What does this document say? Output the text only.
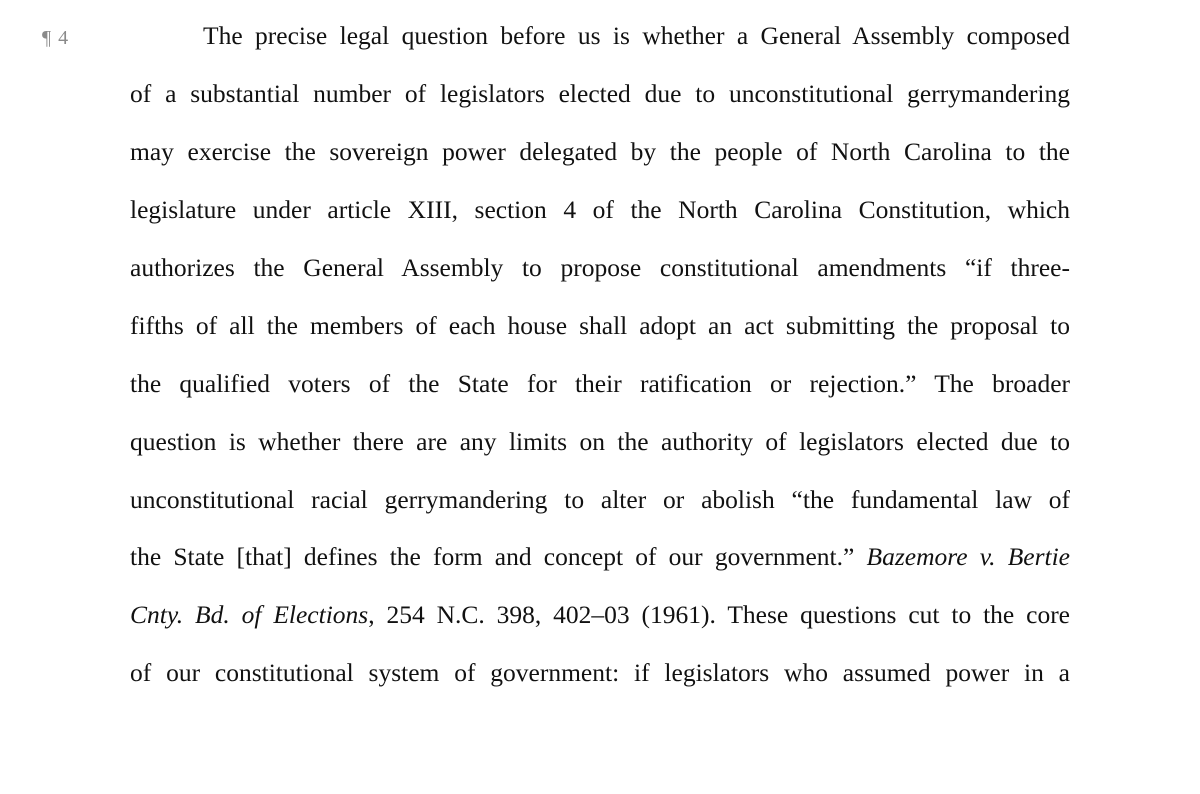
¶ 4	The precise legal question before us is whether a General Assembly composed
of a substantial number of legislators elected due to unconstitutional gerrymandering
may exercise the sovereign power delegated by the people of North Carolina to the
legislature under article XIII, section 4 of the North Carolina Constitution, which
authorizes the General Assembly to propose constitutional amendments “if three-
fifths of all the members of each house shall adopt an act submitting the proposal to
the qualified voters of the State for their ratification or rejection.” The broader
question is whether there are any limits on the authority of legislators elected due to
unconstitutional racial gerrymandering to alter or abolish “the fundamental law of
the State [that] defines the form and concept of our government.” Bazemore v. Bertie
Cnty. Bd. of Elections, 254 N.C. 398, 402–03 (1961). These questions cut to the core
of our constitutional system of government: if legislators who assumed power in a
